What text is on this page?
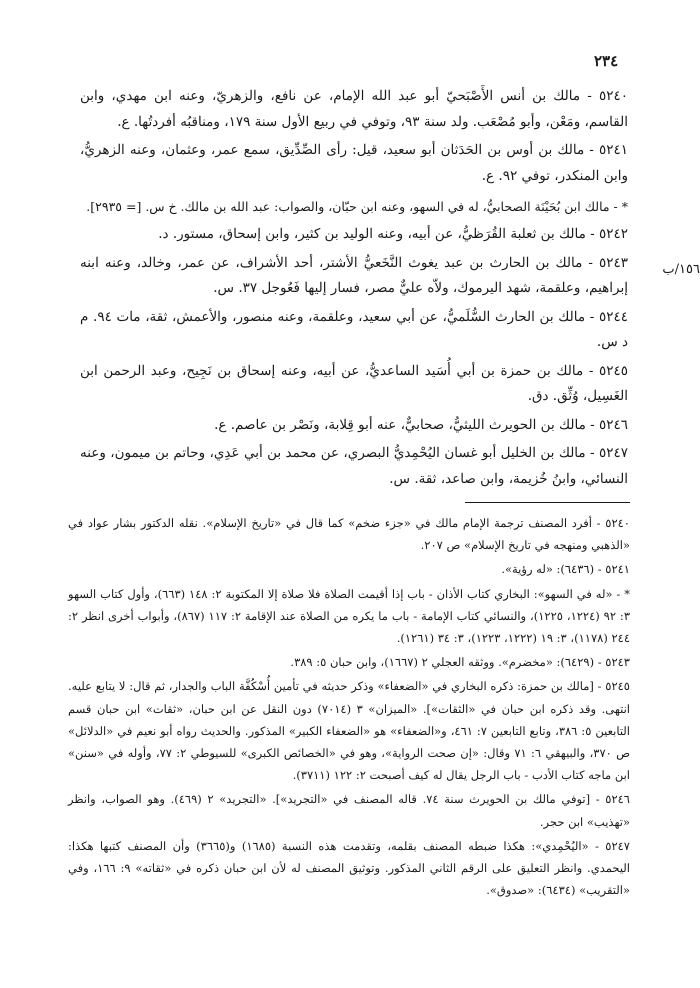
٢٣٤
١٥٦/ب

٥٢٤٠ - مالك بن أنس الأَصْبَحيّ أبو عبد الله الإمام، عن نافع، والزهريّ، وعنه ابن مهدي، وابن القاسم، ومَعْن، وأبو مُصْعَب. ولد سنة ٩٣، وتوفي في ربيع الأول سنة ١٧٩، ومناقبُه أفردتُها. ع.

٥٢٤١ - مالك بن أوس بن الحَدَثان أبو سعيد، قيل: رأى الصِّدِّيق، سمع عمر، وعثمان، وعنه الزهريُّ، وابن المنكدر، توفي ٩٢. ع.

* - مالك ابن بُحَيْنَة الصحابيُّ، له في السهو، وعنه ابن حبّان، والصواب: عبد الله بن مالك. خ س. [= ٢٩٣٥].

٥٢٤٢ - مالك بن ثعلبة القُرَظيُّ، عن أبيه، وعنه الوليد بن كثير، وابن إسحاق، مستور. د.

٥٢٤٣ - مالك بن الحارث بن عبد يغوث النَّخَعيُّ الأشتر، أحد الأشراف، عن عمر، وخالد، وعنه ابنه إبراهيم، وعلقمة، شهد اليرموك، ولاّه عليٌّ مصر، فسار إليها فَعُوجل ٣٧. س.

٥٢٤٤ - مالك بن الحارث السُّلَميُّ، عن أبي سعيد، وعلقمة، وعنه منصور، والأعمش، ثقة، مات ٩٤. م د س.

٥٢٤٥ - مالك بن حمزة بن أبي أُسَيد الساعديُّ، عن أبيه، وعنه إسحاق بن نَجِيح، وعبد الرحمن ابن الغَسِيل، وُثِّق. دق.

٥٢٤٦ - مالك بن الحويرث الليثيُّ، صحابيٌّ، عنه أبو قِلابة، ونَصْر بن عاصم. ع.

٥٢٤٧ - مالك بن الخليل أبو غسان اليُحْمِديُّ البصري، عن محمد بن أبي عَدِي، وحاتم بن ميمون، وعنه النسائي، وابنُ خُزيمة، وابن صاعد، ثقة. س.

٥٢٤٠ - أفرد المصنف ترجمة الإمام مالك في «جزء ضخم» كما قال في «تاريخ الإسلام». نقله الدكتور بشار عواد في «الذهبي ومنهجه في تاريخ الإسلام» ص ٢٠٧.

٥٢٤١ - (٦٤٣٦): «له رؤية».

* - «له في السهو»: البخاري كتاب الأذان - باب إذا أقيمت الصلاة فلا صلاة إلا المكتوبة ٢: ١٤٨ (٦٦٣)، وأول كتاب السهو ٣: ٩٢ (١٢٢٤، ١٢٢٥)، والنسائي كتاب الإمامة - باب ما يكره من الصلاة عند الإقامة ٢: ١١٧ (٨٦٧)، وأبواب أخرى انظر ٢: ٢٤٤ (١١٧٨)، ٣: ١٩ (١٢٢٢، ١٢٢٣)، ٣: ٣٤ (١٢٦١).

٥٢٤٣ - (٦٤٢٩): «مخضرم». ووثقه العجلي ٢ (١٦٦٧)، وابن حبان ٥: ٣٨٩.

٥٢٤٥ - [مالك بن حمزة: ذكره البخاري في «الضعفاء» وذكر حديثه في تأمين أُسْكُفَّة الباب والجدار، ثم قال: لا يتابع عليه. انتهى. وقد ذكره ابن حبان في «الثقات»]. «الميزان» ٣ (٧٠١٤) دون النقل عن ابن حبان، «ثقات» ابن حبان قسم التابعين ٥: ٣٨٦، وتابع التابعين ٧: ٤٦١، و«الضعفاء» هو «الضعفاء الكبير» المذكور. والحديث رواه أبو نعيم في «الدلائل» ص ٣٧٠، والبيهقي ٦: ٧١ وقال: «إن صحت الرواية»، وهو في «الخصائص الكبرى» للسيوطي ٢: ٧٧، وأوله في «سنن» ابن ماجه كتاب الأدب - باب الرجل يقال له كيف أصبحت ٢: ١٢٢ (٣٧١١).

٥٢٤٦ - [توفي مالك بن الحويرث سنة ٧٤. قاله المصنف في «التجريد»]. «التجريد» ٢ (٤٦٩). وهو الصواب، وانظر «تهذيب» ابن حجر.

٥٢٤٧ - «اليُحْمِدي»: هكذا ضبطه المصنف بقلمه، وتقدمت هذه النسبة (١٦٨٥) و(٣٦٦٥) وأن المصنف كتبها هكذا: اليحمدي. وانظر التعليق على الرقم الثاني المذكور. وتوثيق المصنف له لأن ابن حبان ذكره في «ثقاته» ٩: ١٦٦، وفي «التقريب» (٦٤٣٤): «صدوق».
